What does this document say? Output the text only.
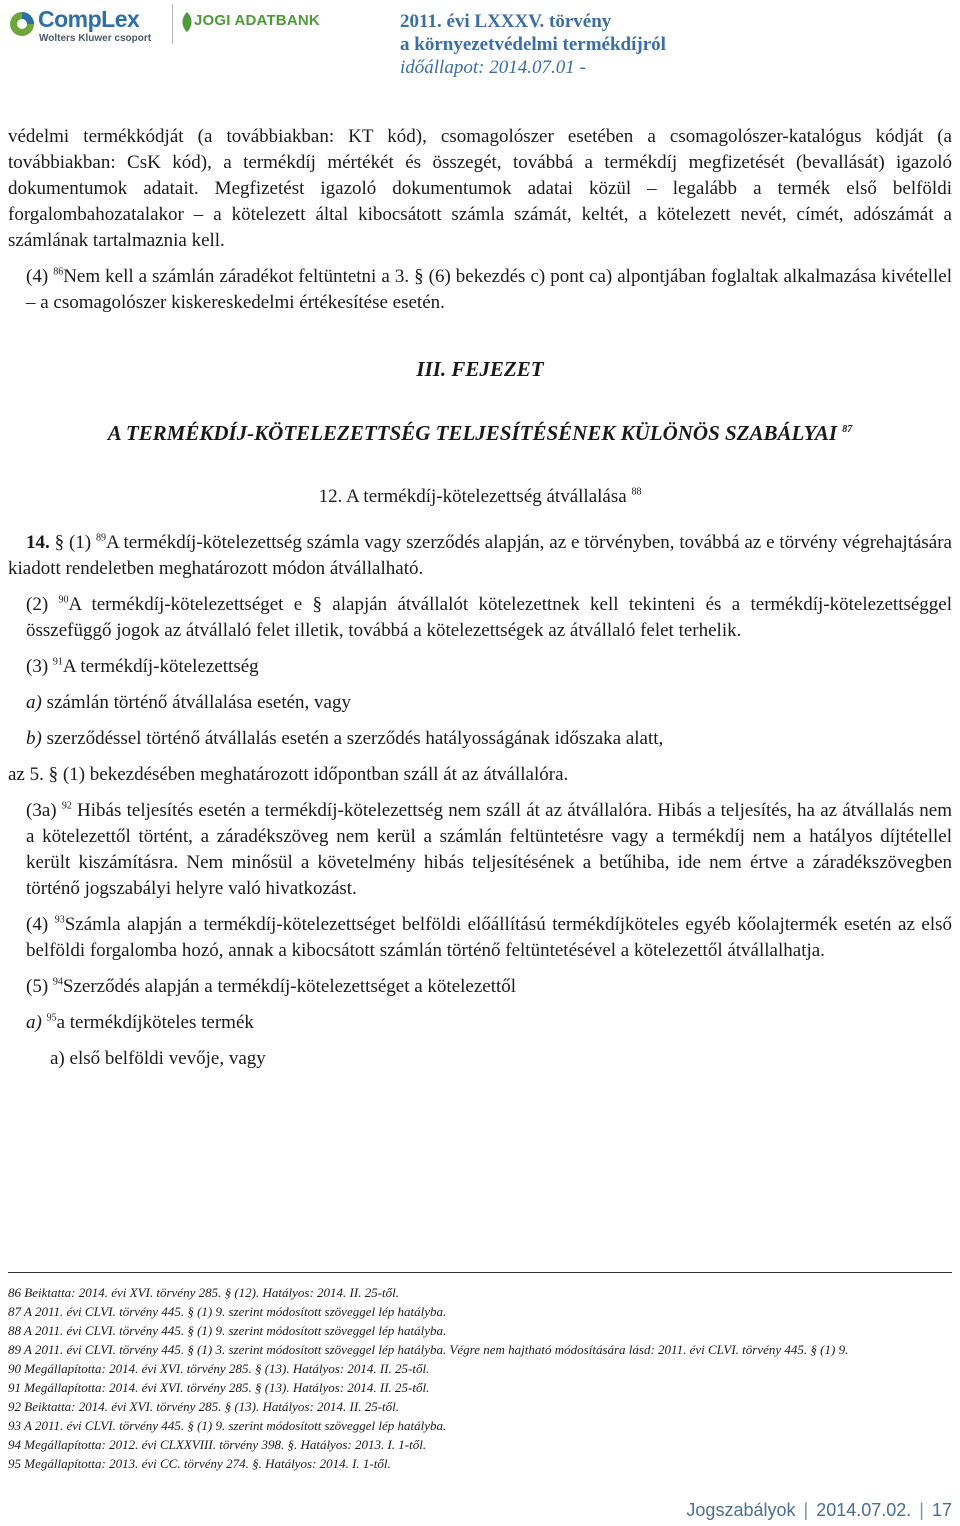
CompLex
Wolters Kluwer csoport
JOGI ADATBANK	2011. évi LXXXV. törvény

a környezetvédelmi termékdíjról

időállapot: 2014.07.01 -

védelmi termékkódját (a továbbiakban: KT kód), csomagolószer esetében a csomagolószer-katalógus kódját (a továbbiakban: CsK kód), a termékdíj mértékét és összegét, továbbá a termékdíj megfizetését (bevallását) igazoló dokumentumok adatait. Megfizetést igazoló dokumentumok adatai közül – legalább a termék első belföldi forgalombahozatalakor – a kötelezett által kibocsátott számla számát, keltét, a kötelezett nevét, címét, adószámát a számlának tartalmaznia kell.

(4) $^{86}$Nem kell a számlán záradékot feltüntetni a 3. § (6) bekezdés c) pont ca) alpontjában foglaltak alkalmazása kivétellel – a csomagolószer kiskereskedelmi értékesítése esetén.

III. FEJEZET

A TERMÉKDÍJ-KÖTELEZETTSÉG TELJESÍTÉSÉNEK KÜLÖNÖS SZABÁLYAI $^{87}$

12. A termékdíj-kötelezettség átvállalása $^{88}$

14. § (1) $^{89}$A termékdíj-kötelezettség számla vagy szerződés alapján, az e törvényben, továbbá az e törvény végrehajtására kiadott rendeletben meghatározott módon átvállalható.

(2) $^{90}$A termékdíj-kötelezettséget e § alapján átvállalót kötelezettnek kell tekinteni és a termékdíj-kötelezettséggel összefüggő jogok az átvállaló felet illetik, továbbá a kötelezettségek az átvállaló felet terhelik.

(3) $^{91}$A termékdíj-kötelezettség

a) számlán történő átvállalása esetén, vagy

b) szerződéssel történő átvállalás esetén a szerződés hatályosságának időszaka alatt,

az 5. § (1) bekezdésében meghatározott időpontban száll át az átvállalóra.

(3a) $^{92}$ Hibás teljesítés esetén a termékdíj-kötelezettség nem száll át az átvállalóra. Hibás a teljesítés, ha az átvállalás nem a kötelezettől történt, a záradékszöveg nem kerül a számlán feltüntetésre vagy a termékdíj nem a hatályos díjtétellel került kiszámításra. Nem minősül a követelmény hibás teljesítésének a betűhiba, ide nem értve a záradékszövegben történő jogszabályi helyre való hivatkozást.

(4) $^{93}$Számla alapján a termékdíj-kötelezettséget belföldi előállítású termékdíjköteles egyéb kőolajtermék esetén az első belföldi forgalomba hozó, annak a kibocsátott számlán történő feltüntetésével a kötelezettől átvállalhatja.

(5) $^{94}$Szerződés alapján a termékdíj-kötelezettséget a kötelezettől

a) $^{95}$a termékdíjköteles termék

a) első belföldi vevője, vagy

86 Beiktatta: 2014. évi XVI. törvény 285. § (12). Hatályos: 2014. II. 25-től.

87 A 2011. évi CLVI. törvény 445. § (1) 9. szerint módosított szöveggel lép hatályba.

88 A 2011. évi CLVI. törvény 445. § (1) 9. szerint módosított szöveggel lép hatályba.

89 A 2011. évi CLVI. törvény 445. § (1) 3. szerint módosított szöveggel lép hatályba. Végre nem hajtható módosítására lásd: 2011. évi CLVI. törvény 445. § (1) 9.

90 Megállapította: 2014. évi XVI. törvény 285. § (13). Hatályos: 2014. II. 25-től.

91 Megállapította: 2014. évi XVI. törvény 285. § (13). Hatályos: 2014. II. 25-től.

92 Beiktatta: 2014. évi XVI. törvény 285. § (13). Hatályos: 2014. II. 25-től.

93 A 2011. évi CLVI. törvény 445. § (1) 9. szerint módosított szöveggel lép hatályba.

94 Megállapította: 2012. évi CLXXVIII. törvény 398. §. Hatályos: 2013. I. 1-től.

95 Megállapította: 2013. évi CC. törvény 274. §. Hatályos: 2014. I. 1-től.

Jogszabályok | 2014.07.02. | 17
